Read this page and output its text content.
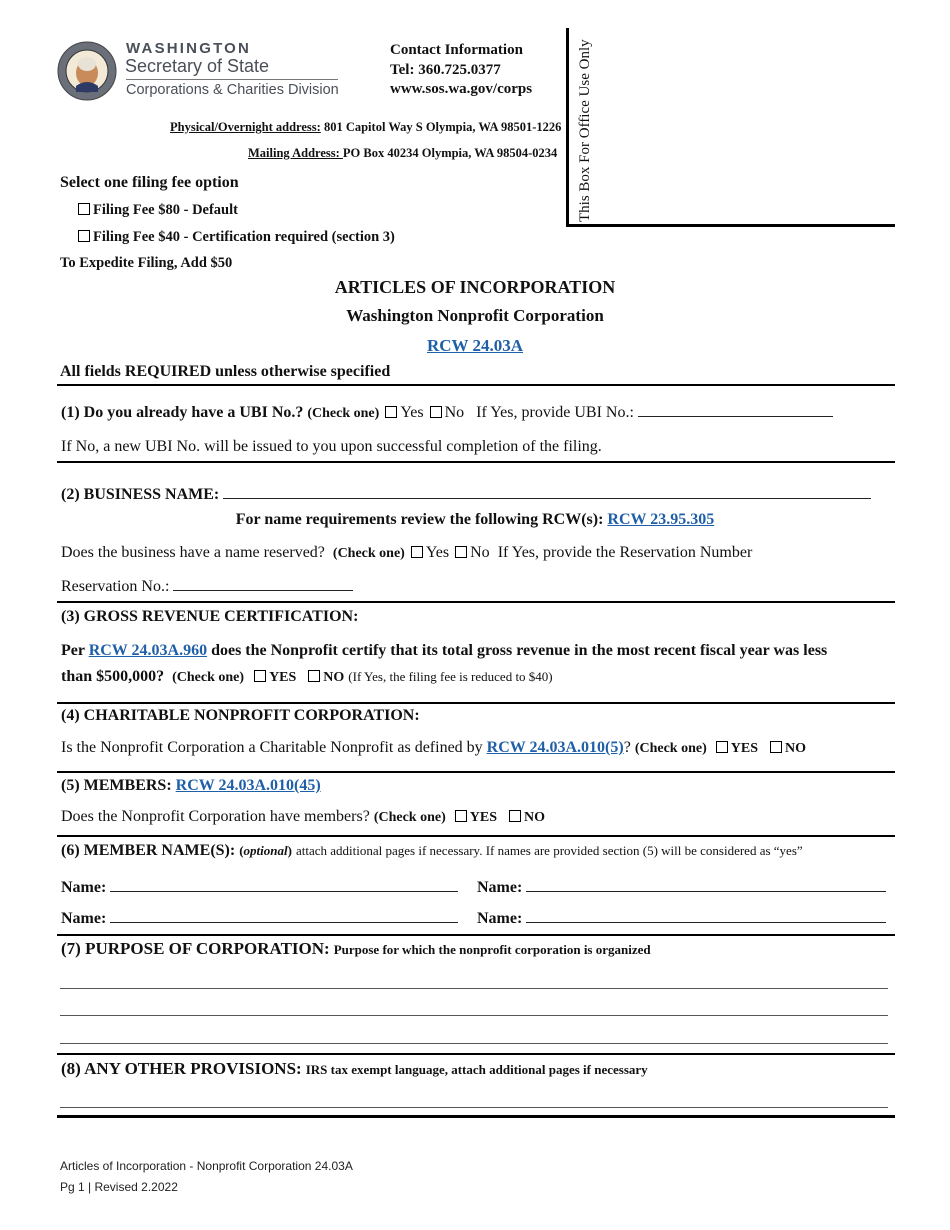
WASHINGTON
Secretary of State
Corporations & Charities Division
Contact Information
Tel: 360.725.0377
www.sos.wa.gov/corps
Physical/Overnight address: 801 Capitol Way S Olympia, WA 98501-1226
Mailing Address: PO Box 40234 Olympia, WA 98504-0234 This Box For Office Use Only
Select one filing fee option
Filing Fee $80 - Default
Filing Fee $40 - Certification required (section 3)
To Expedite Filing, Add $50
ARTICLES OF INCORPORATION
Washington Nonprofit Corporation
RCW 24.03A
All fields REQUIRED unless otherwise specified
(1) Do you already have a UBI No.? (Check one) Yes No If Yes, provide UBI No.:
If No, a new UBI No. will be issued to you upon successful completion of the filing.
(2) BUSINESS NAME:
For name requirements review the following RCW(s): RCW 23.95.305
Does the business have a name reserved? (Check one) Yes No If Yes, provide the Reservation Number
Reservation No.:
(3) GROSS REVENUE CERTIFICATION:
Per RCW 24.03A.960 does the Nonprofit certify that its total gross revenue in the most recent fiscal year was less
than $500,000? (Check one) YES NO (If Yes, the filing fee is reduced to $40)
(4) CHARITABLE NONPROFIT CORPORATION:
Is the Nonprofit Corporation a Charitable Nonprofit as defined by RCW 24.03A.010(5)? (Check one) YES NO
(5) MEMBERS: RCW 24.03A.010(45)
Does the Nonprofit Corporation have members? (Check one) YES NO
(6) MEMBER NAME(S): (optional) attach additional pages if necessary. If names are provided section (5) will be considered as “yes”
Name:	Name:
Name:	Name:
(7) PURPOSE OF CORPORATION: Purpose for which the nonprofit corporation is organized
(8) ANY OTHER PROVISIONS: IRS tax exempt language, attach additional pages if necessary
Articles of Incorporation - Nonprofit Corporation 24.03A
Pg 1 | Revised 2.2022
